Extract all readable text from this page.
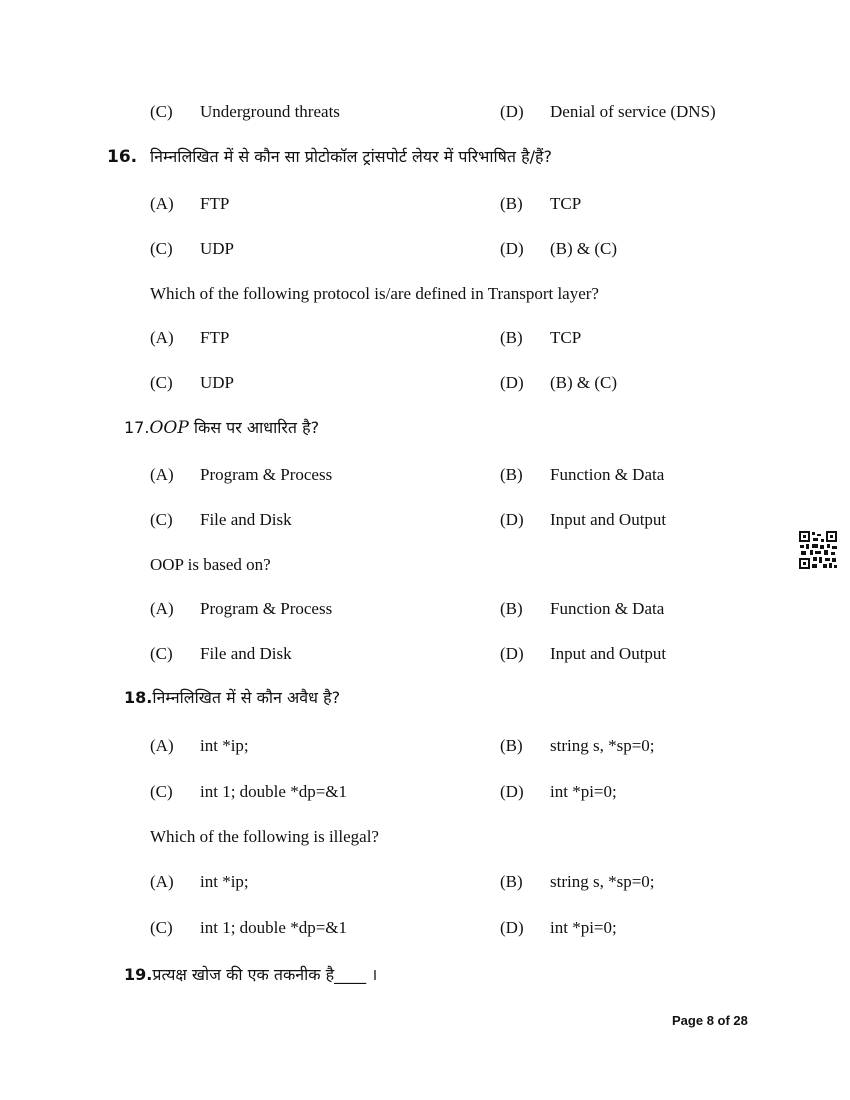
(C) Underground threats	(D) Denial of service (DNS)
16. निम्नलिखित में से कौन सा प्रोटोकॉल ट्रांसपोर्ट लेयर में परिभाषित है/हैं?
(A) FTP	(B) TCP
(C) UDP	(D) (B) & (C)
Which of the following protocol is/are defined in Transport layer?
(A) FTP	(B) TCP
(C) UDP	(D) (B) & (C)
17.OOP किस पर आधारित है?
(A) Program & Process	(B) Function & Data
(C) File and Disk	(D) Input and Output
OOP is based on?
(A) Program & Process	(B) Function & Data
(C) File and Disk	(D) Input and Output
18.निम्नलिखित में से कौन अवैध है?
(A) int *ip;	(B) string s, *sp=0;
(C) int 1; double *dp=&1	(D) int *pi=0;
Which of the following is illegal?
(A) int *ip;	(B) string s, *sp=0;
(C) int 1; double *dp=&1	(D) int *pi=0;
19.प्रत्यक्ष खोज की एक तकनीक है____ ।
Page 8 of 28
